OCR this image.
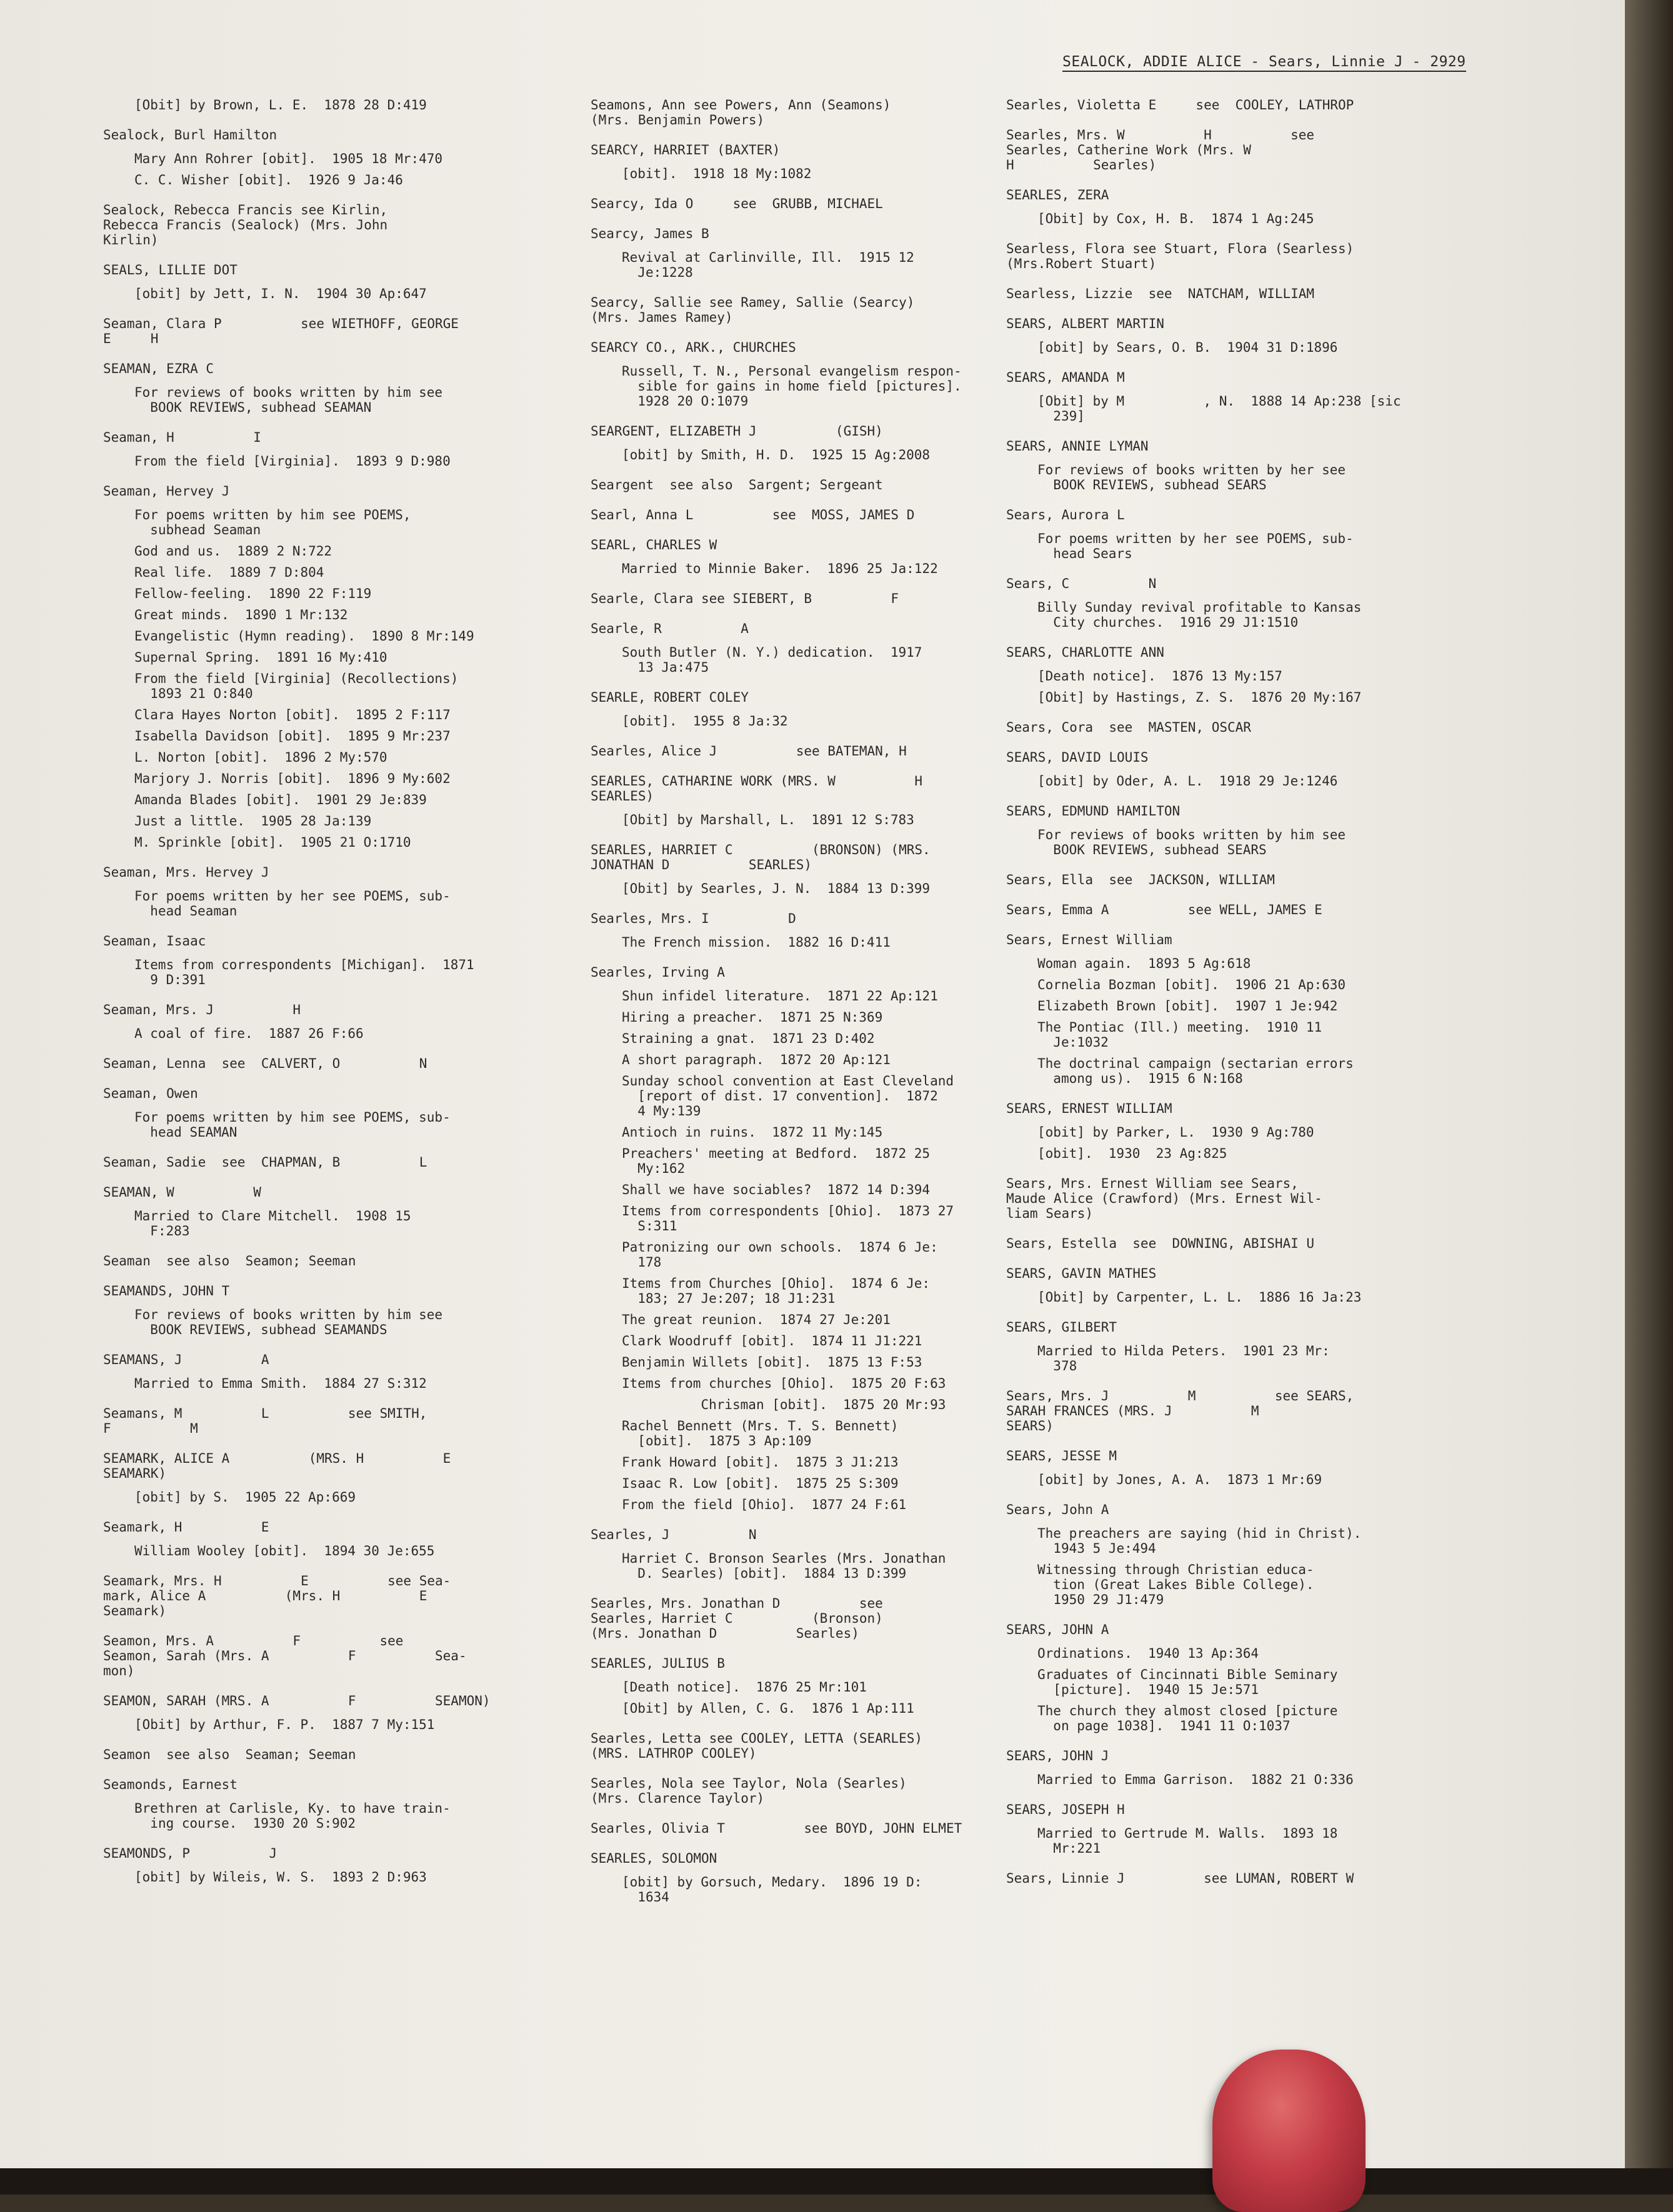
SEALOCK, ADDIE ALICE - Sears, Linnie J - 2929
[Obit] by Brown, L. E.  1878 28 D:419
Sealock, Burl Hamilton
Mary Ann Rohrer [obit].  1905 18 Mr:470
C. C. Wisher [obit].  1926 9 Ja:46
Sealock, Rebecca Francis see Kirlin,
Rebecca Francis (Sealock) (Mrs. John
Kirlin)
SEALS, LILLIE DOT
[obit] by Jett, I. N.  1904 30 Ap:647
Seaman, Clara P          see WIETHOFF, GEORGE
E     H
SEAMAN, EZRA C
For reviews of books written by him see
BOOK REVIEWS, subhead SEAMAN
Seaman, H          I
From the field [Virginia].  1893 9 D:980
Seaman, Hervey J
For poems written by him see POEMS,
subhead Seaman
God and us.  1889 2 N:722
Real life.  1889 7 D:804
Fellow-feeling.  1890 22 F:119
Great minds.  1890 1 Mr:132
Evangelistic (Hymn reading).  1890 8 Mr:149
Supernal Spring.  1891 16 My:410
From the field [Virginia] (Recollections)
1893 21 O:840
Clara Hayes Norton [obit].  1895 2 F:117
Isabella Davidson [obit].  1895 9 Mr:237
L. Norton [obit].  1896 2 My:570
Marjory J. Norris [obit].  1896 9 My:602
Amanda Blades [obit].  1901 29 Je:839
Just a little.  1905 28 Ja:139
M. Sprinkle [obit].  1905 21 O:1710
Seaman, Mrs. Hervey J
For poems written by her see POEMS, sub-
head Seaman
Seaman, Isaac
Items from correspondents [Michigan].  1871
9 D:391
Seaman, Mrs. J          H
A coal of fire.  1887 26 F:66
Seaman, Lenna  see  CALVERT, O          N
Seaman, Owen
For poems written by him see POEMS, sub-
head SEAMAN
Seaman, Sadie  see  CHAPMAN, B          L
SEAMAN, W          W
Married to Clare Mitchell.  1908 15
F:283
Seaman  see also  Seamon; Seeman
SEAMANDS, JOHN T
For reviews of books written by him see
BOOK REVIEWS, subhead SEAMANDS
SEAMANS, J          A
Married to Emma Smith.  1884 27 S:312
Seamans, M          L          see SMITH,
F          M
SEAMARK, ALICE A          (MRS. H          E
SEAMARK)
[obit] by S.  1905 22 Ap:669
Seamark, H          E
William Wooley [obit].  1894 30 Je:655
Seamark, Mrs. H          E          see Sea-
mark, Alice A          (Mrs. H          E
Seamark)
Seamon, Mrs. A          F          see
Seamon, Sarah (Mrs. A          F          Sea-
mon)
SEAMON, SARAH (MRS. A          F          SEAMON)
[Obit] by Arthur, F. P.  1887 7 My:151
Seamon  see also  Seaman; Seeman
Seamonds, Earnest
Brethren at Carlisle, Ky. to have train-
ing course.  1930 20 S:902
SEAMONDS, P          J
[obit] by Wileis, W. S.  1893 2 D:963
Seamons, Ann see Powers, Ann (Seamons)
(Mrs. Benjamin Powers)
SEARCY, HARRIET (BAXTER)
[obit].  1918 18 My:1082
Searcy, Ida O     see  GRUBB, MICHAEL
Searcy, James B
Revival at Carlinville, Ill.  1915 12
Je:1228
Searcy, Sallie see Ramey, Sallie (Searcy)
(Mrs. James Ramey)
SEARCY CO., ARK., CHURCHES
Russell, T. N., Personal evangelism respon-
sible for gains in home field [pictures].
1928 20 O:1079
SEARGENT, ELIZABETH J          (GISH)
[obit] by Smith, H. D.  1925 15 Ag:2008
Seargent  see also  Sargent; Sergeant
Searl, Anna L          see  MOSS, JAMES D
SEARL, CHARLES W
Married to Minnie Baker.  1896 25 Ja:122
Searle, Clara see SIEBERT, B          F
Searle, R          A
South Butler (N. Y.) dedication.  1917
13 Ja:475
SEARLE, ROBERT COLEY
[obit].  1955 8 Ja:32
Searles, Alice J          see BATEMAN, H
SEARLES, CATHARINE WORK (MRS. W          H
SEARLES)
[Obit] by Marshall, L.  1891 12 S:783
SEARLES, HARRIET C          (BRONSON) (MRS.
JONATHAN D          SEARLES)
[Obit] by Searles, J. N.  1884 13 D:399
Searles, Mrs. I          D
The French mission.  1882 16 D:411
Searles, Irving A
Shun infidel literature.  1871 22 Ap:121
Hiring a preacher.  1871 25 N:369
Straining a gnat.  1871 23 D:402
A short paragraph.  1872 20 Ap:121
Sunday school convention at East Cleveland
[report of dist. 17 convention].  1872
4 My:139
Antioch in ruins.  1872 11 My:145
Preachers' meeting at Bedford.  1872 25
My:162
Shall we have sociables?  1872 14 D:394
Items from correspondents [Ohio].  1873 27
S:311
Patronizing our own schools.  1874 6 Je:
178
Items from Churches [Ohio].  1874 6 Je:
183; 27 Je:207; 18 J1:231
The great reunion.  1874 27 Je:201
Clark Woodruff [obit].  1874 11 J1:221
Benjamin Willets [obit].  1875 13 F:53
Items from churches [Ohio].  1875 20 F:63
Chrisman [obit].  1875 20 Mr:93
Rachel Bennett (Mrs. T. S. Bennett)
[obit].  1875 3 Ap:109
Frank Howard [obit].  1875 3 J1:213
Isaac R. Low [obit].  1875 25 S:309
From the field [Ohio].  1877 24 F:61
Searles, J          N
Harriet C. Bronson Searles (Mrs. Jonathan
D. Searles) [obit].  1884 13 D:399
Searles, Mrs. Jonathan D          see
Searles, Harriet C          (Bronson)
(Mrs. Jonathan D          Searles)
SEARLES, JULIUS B
[Death notice].  1876 25 Mr:101
[Obit] by Allen, C. G.  1876 1 Ap:111
Searles, Letta see COOLEY, LETTA (SEARLES)
(MRS. LATHROP COOLEY)
Searles, Nola see Taylor, Nola (Searles)
(Mrs. Clarence Taylor)
Searles, Olivia T          see BOYD, JOHN ELMET
SEARLES, SOLOMON
[obit] by Gorsuch, Medary.  1896 19 D:
1634
Searles, Violetta E     see  COOLEY, LATHROP
Searles, Mrs. W          H          see
Searles, Catherine Work (Mrs. W
H          Searles)
SEARLES, ZERA
[Obit] by Cox, H. B.  1874 1 Ag:245
Searless, Flora see Stuart, Flora (Searless)
(Mrs.Robert Stuart)
Searless, Lizzie  see  NATCHAM, WILLIAM
SEARS, ALBERT MARTIN
[obit] by Sears, O. B.  1904 31 D:1896
SEARS, AMANDA M
[Obit] by M          , N.  1888 14 Ap:238 [sic
239]
SEARS, ANNIE LYMAN
For reviews of books written by her see
BOOK REVIEWS, subhead SEARS
Sears, Aurora L
For poems written by her see POEMS, sub-
head Sears
Sears, C          N
Billy Sunday revival profitable to Kansas
City churches.  1916 29 J1:1510
SEARS, CHARLOTTE ANN
[Death notice].  1876 13 My:157
[Obit] by Hastings, Z. S.  1876 20 My:167
Sears, Cora  see  MASTEN, OSCAR
SEARS, DAVID LOUIS
[obit] by Oder, A. L.  1918 29 Je:1246
SEARS, EDMUND HAMILTON
For reviews of books written by him see
BOOK REVIEWS, subhead SEARS
Sears, Ella  see  JACKSON, WILLIAM
Sears, Emma A          see WELL, JAMES E
Sears, Ernest William
Woman again.  1893 5 Ag:618
Cornelia Bozman [obit].  1906 21 Ap:630
Elizabeth Brown [obit].  1907 1 Je:942
The Pontiac (Ill.) meeting.  1910 11
Je:1032
The doctrinal campaign (sectarian errors
among us).  1915 6 N:168
SEARS, ERNEST WILLIAM
[obit] by Parker, L.  1930 9 Ag:780
[obit].  1930  23 Ag:825
Sears, Mrs. Ernest William see Sears,
Maude Alice (Crawford) (Mrs. Ernest Wil-
liam Sears)
Sears, Estella  see  DOWNING, ABISHAI U
SEARS, GAVIN MATHES
[Obit] by Carpenter, L. L.  1886 16 Ja:23
SEARS, GILBERT
Married to Hilda Peters.  1901 23 Mr:
378
Sears, Mrs. J          M          see SEARS,
SARAH FRANCES (MRS. J          M
SEARS)
SEARS, JESSE M
[obit] by Jones, A. A.  1873 1 Mr:69
Sears, John A
The preachers are saying (hid in Christ).
1943 5 Je:494
Witnessing through Christian educa-
tion (Great Lakes Bible College).
1950 29 J1:479
SEARS, JOHN A
Ordinations.  1940 13 Ap:364
Graduates of Cincinnati Bible Seminary
[picture].  1940 15 Je:571
The church they almost closed [picture
on page 1038].  1941 11 O:1037
SEARS, JOHN J
Married to Emma Garrison.  1882 21 O:336
SEARS, JOSEPH H
Married to Gertrude M. Walls.  1893 18
Mr:221
Sears, Linnie J          see LUMAN, ROBERT W
